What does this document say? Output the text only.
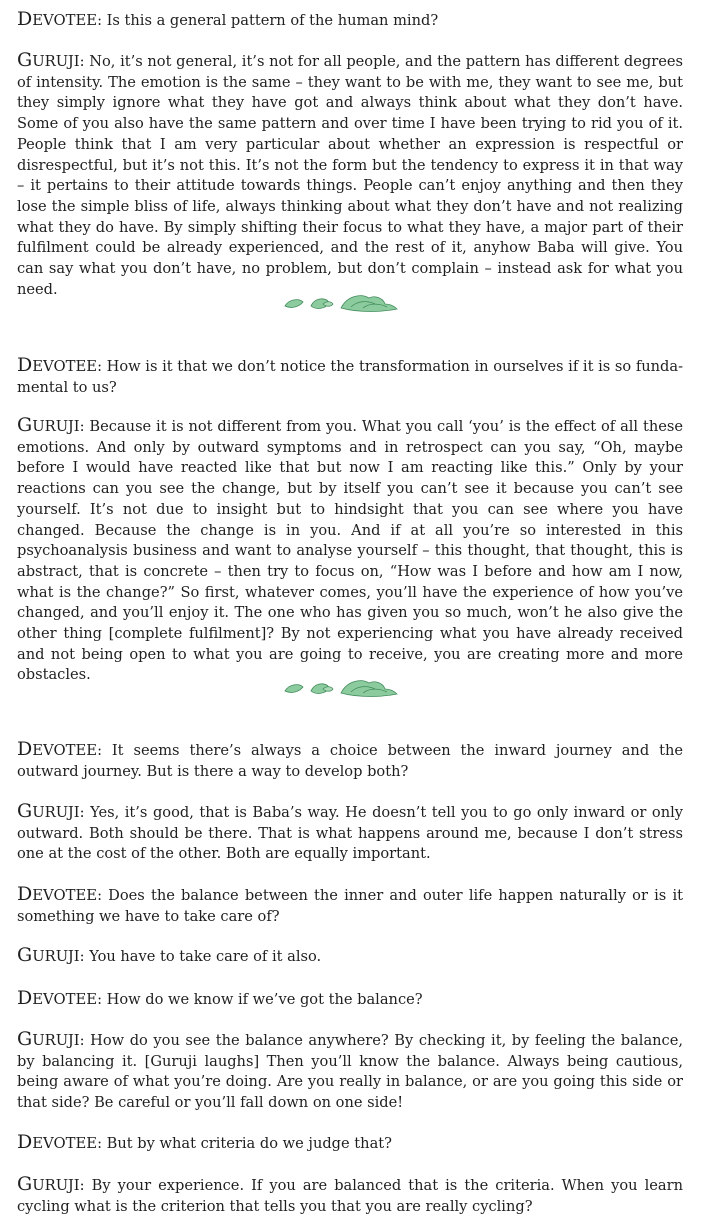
DEVOTEE: Is this a general pattern of the human mind?

GURUJI: No, it’s not general, it’s not for all people, and the pattern has different degrees of intensity. The emotion is the same – they want to be with me, they want to see me, but they simply ignore what they have got and always think about what they don’t have. Some of you also have the same pattern and over time I have been trying to rid you of it. People think that I am very particular about whether an expression is respectful or disrespectful, but it’s not this. It’s not the form but the tendency to express it in that way – it pertains to their attitude towards things. People can’t enjoy anything and then they lose the simple bliss of life, always thinking about what they don’t have and not realizing what they do have. By simply shifting their focus to what they have, a major part of their fulfilment could be already experienced, and the rest of it, anyhow Baba will give. You can say what you don’t have, no problem, but don’t complain – instead ask for what you need.

DEVOTEE: How is it that we don’t notice the transformation in ourselves if it is so fundamental to us?

GURUJI: Because it is not different from you. What you call ‘you’ is the effect of all these emotions. And only by outward symptoms and in retrospect can you say, “Oh, maybe before I would have reacted like that but now I am reacting like this.” Only by your reactions can you see the change, but by itself you can’t see it because you can’t see yourself. It’s not due to insight but to hindsight that you can see where you have changed. Because the change is in you. And if at all you’re so interested in this psychoanalysis business and want to analyse yourself – this thought, that thought, this is abstract, that is concrete – then try to focus on, “How was I before and how am I now, what is the change?” So first, whatever comes, you’ll have the experience of how you’ve changed, and you’ll enjoy it. The one who has given you so much, won’t he also give the other thing [complete fulfilment]? By not experiencing what you have already received and not being open to what you are going to receive, you are creating more and more obstacles.

DEVOTEE: It seems there’s always a choice between the inward journey and the outward journey. But is there a way to develop both?

GURUJI: Yes, it’s good, that is Baba’s way. He doesn’t tell you to go only inward or only outward. Both should be there. That is what happens around me, because I don’t stress one at the cost of the other. Both are equally important.

DEVOTEE: Does the balance between the inner and outer life happen naturally or is it something we have to take care of?

GURUJI: You have to take care of it also.

DEVOTEE: How do we know if we’ve got the balance?

GURUJI: How do you see the balance anywhere? By checking it, by feeling the balance, by balancing it. [Guruji laughs] Then you’ll know the balance. Always being cautious, being aware of what you’re doing. Are you really in balance, or are you going this side or that side? Be careful or you’ll fall down on one side!

DEVOTEE: But by what criteria do we judge that?

GURUJI: By your experience. If you are balanced that is the criteria. When you learn cycling what is the criterion that tells you that you are really cycling?
